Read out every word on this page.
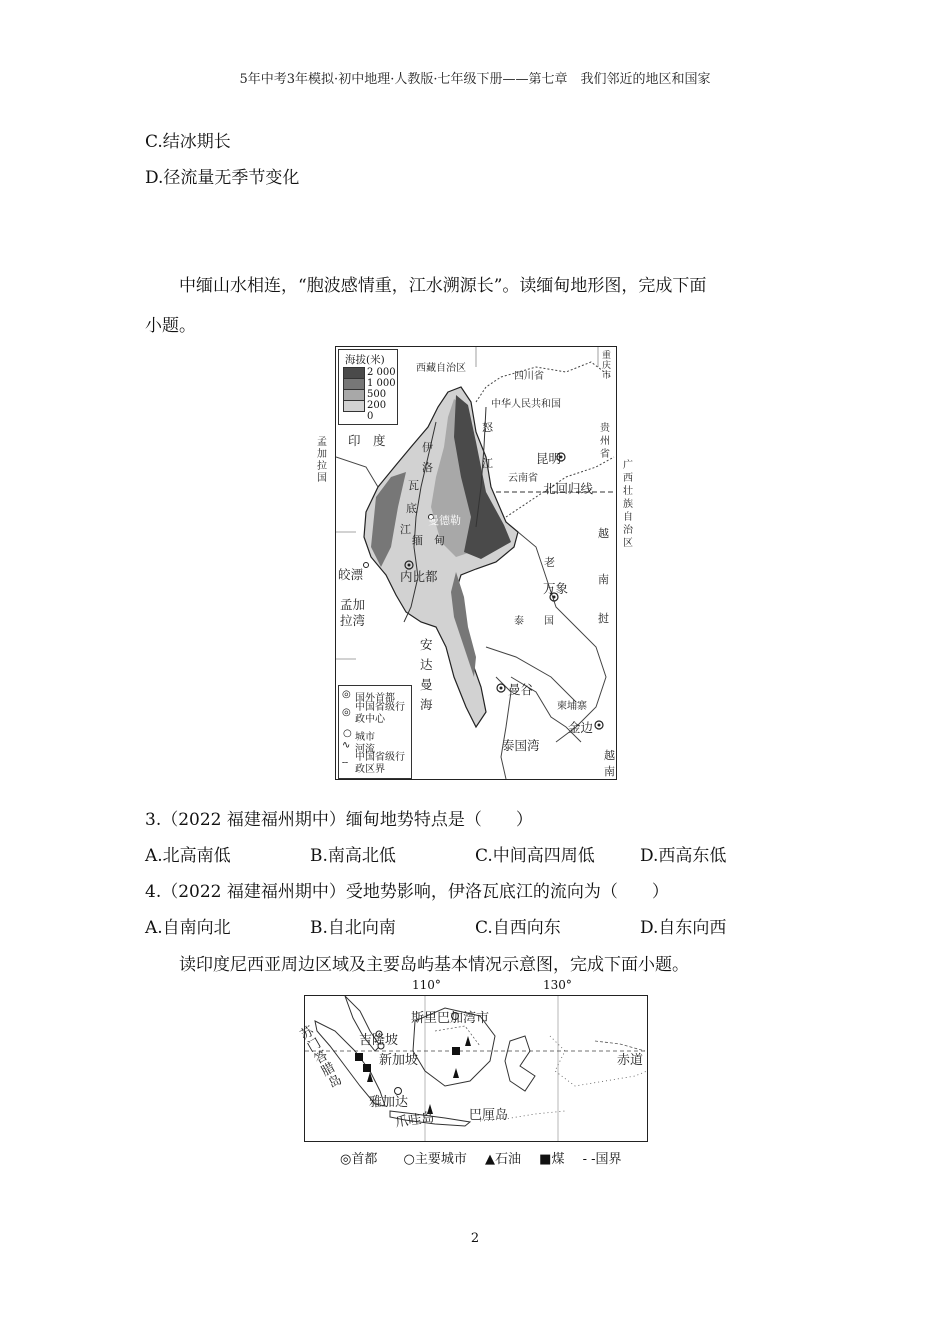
5年中考3年模拟·初中地理·人教版·七年级下册——第七章　我们邻近的地区和国家
C.结冰期长
D.径流量无季节变化
中缅山水相连，“胞波感情重，江水溯源长”。读缅甸地形图，完成下面
小题。
海拔(米)
2 000
1 000
500
200
0
西藏自治区
四川省
重庆市
中华人民共和国
贵州省
孟加拉国
印　度
怒
江
伊
洛
瓦
底
江
昆明
云南省
北回归线
广西壮族自治区
曼德勒
缅　甸
越
老
南
皎漂	内比都
万象
孟加拉湾	泰　　国	挝
安达曼海
曼谷
柬埔寨
金边
泰国湾
越
南
◎ 国外首都
◎ 中国省级行政中心
○ 城市
∿ 河流
┄
中国省级行政区界
3.（2022 福建福州期中）缅甸地势特点是（　　）
A.北高南低	B.南高北低	C.中间高四周低	D.西高东低
4.（2022 福建福州期中）受地势影响，伊洛瓦底江的流向为（　　）
A.自南向北	B.自北向南	C.自西向东	D.自东向西
读印度尼西亚周边区域及主要岛屿基本情况示意图，完成下面小题。
110°	130°
吉隆坡
斯里巴加湾市
苏门答腊岛
新加坡	赤道
雅加达
爪哇岛	巴厘岛
◎首都 ○主要城市 ▲石油 ■煤 - -国界
2
